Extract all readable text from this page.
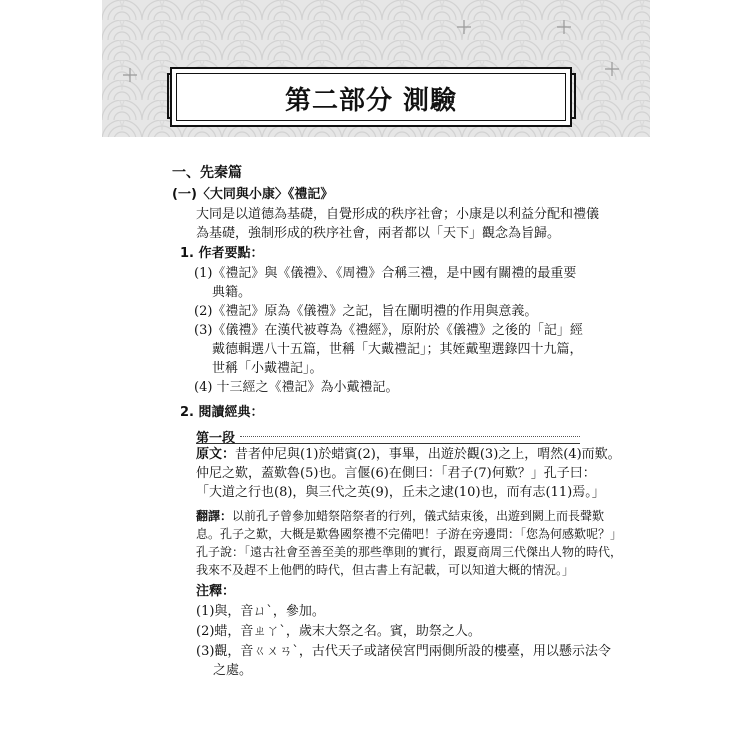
第二部分 測驗
一、先秦篇
(一)〈大同與小康〉《禮記》
大同是以道德為基礎，自覺形成的秩序社會；小康是以利益分配和禮儀
為基礎，強制形成的秩序社會，兩者都以「天下」觀念為旨歸。
1. 作者要點：
(1)《禮記》與《儀禮》、《周禮》合稱三禮，是中國有關禮的最重要
典籍。
(2)《禮記》原為《儀禮》之記，旨在闡明禮的作用與意義。
(3)《儀禮》在漢代被尊為《禮經》，原附於《儀禮》之後的「記」經
戴德輯選八十五篇，世稱「大戴禮記」；其姪戴聖選錄四十九篇，
世稱「小戴禮記」。
(4) 十三經之《禮記》為小戴禮記。
2. 閱讀經典：
第一段
原文：昔者仲尼與(1)於蜡賓(2)，事畢，出遊於觀(3)之上，喟然(4)而歎。
仲尼之歎，蓋歎魯(5)也。言偃(6)在側曰：「君子(7)何歎？」孔子曰：
「大道之行也(8)，與三代之英(9)，丘未之逮(10)也，而有志(11)焉。」
翻譯：以前孔子曾參加蜡祭陪祭者的行列，儀式結束後，出遊到闕上而長聲歎
息。孔子之歎，大概是歎魯國祭禮不完備吧！子游在旁邊問：「您為何感歎呢？」
孔子說：「遠古社會至善至美的那些準則的實行，跟夏商周三代傑出人物的時代，
我來不及趕不上他們的時代，但古書上有記載，可以知道大概的情況。」
注釋：
(1)與，音ㄩˋ，參加。
(2)蜡，音ㄓㄚˋ，歲末大祭之名。賓，助祭之人。
(3)觀，音ㄍㄨㄢˋ，古代天子或諸侯宮門兩側所設的樓臺，用以懸示法令
之處。
